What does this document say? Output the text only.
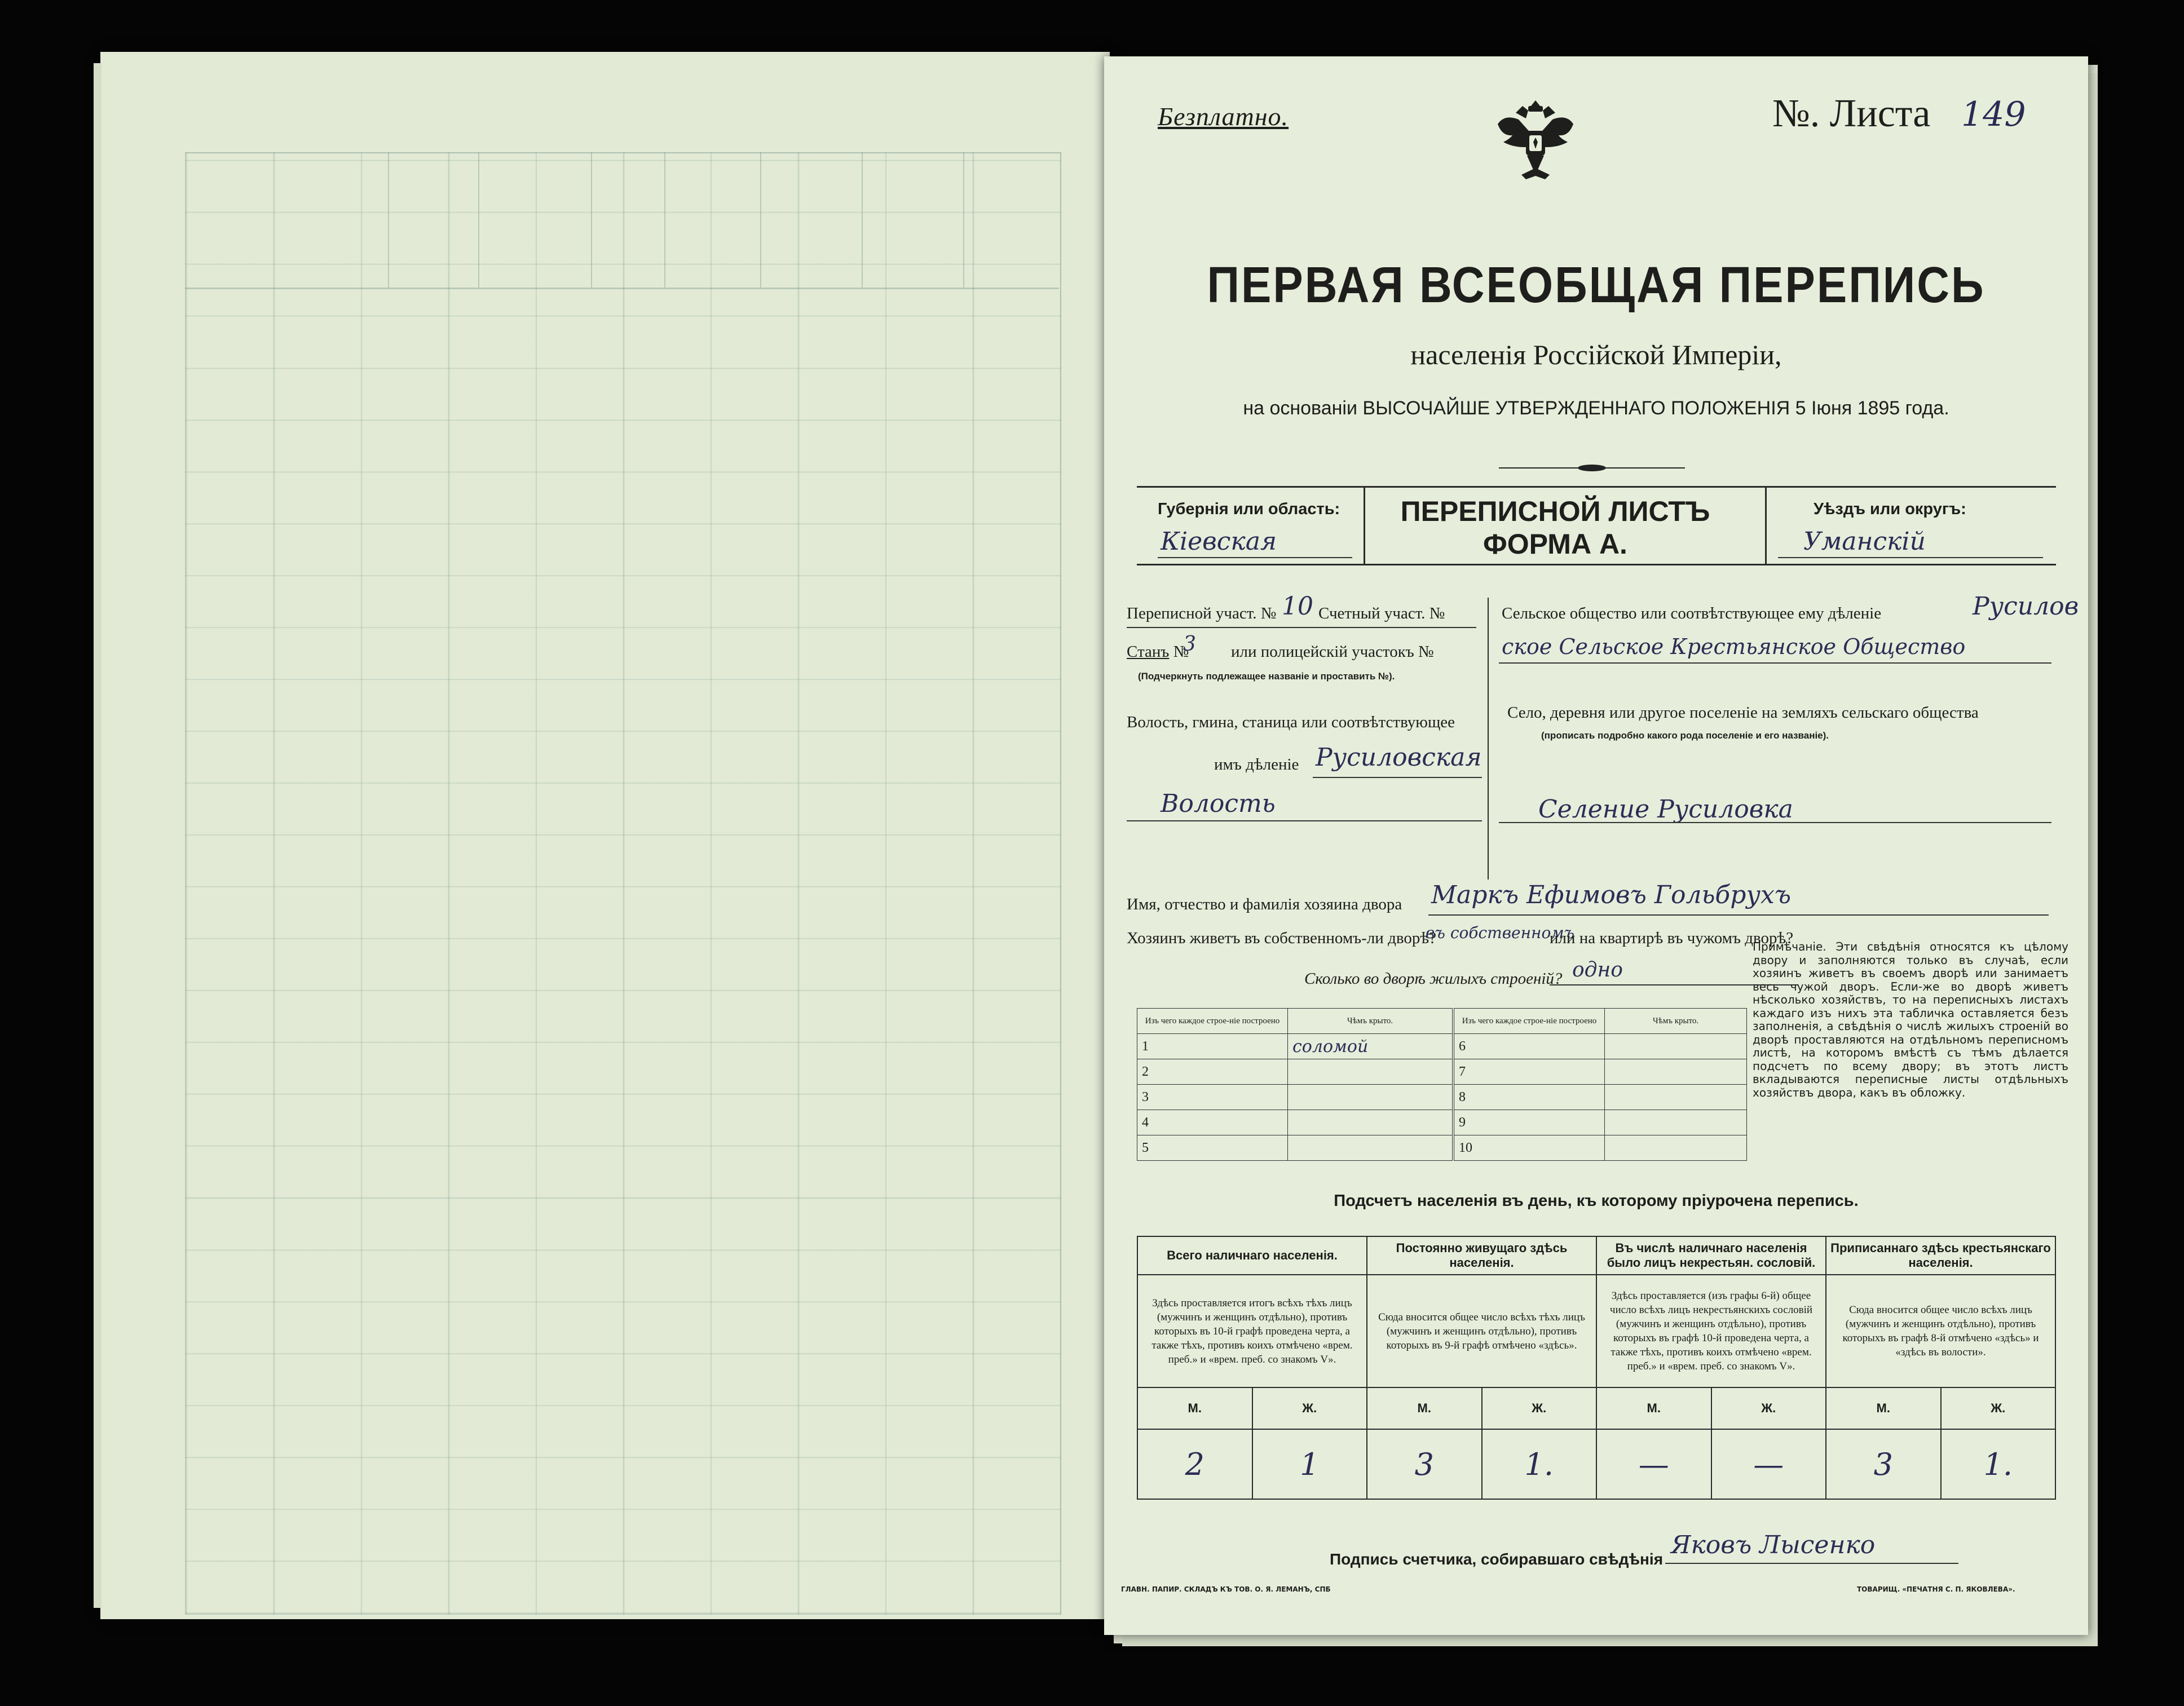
Безплатно.	№. Листа 149
ПЕРВАЯ ВСЕОБЩАЯ ПЕРЕПИСЬ
населенія Россійской Имперіи,
на основаніи ВЫСОЧАЙШЕ УТВЕРЖДЕННАГО ПОЛОЖЕНІЯ 5 Іюня 1895 года.
Губернія или область:
Кіевская
ПЕРЕПИСНОЙ ЛИСТЪ
ФОРМА А.
Уѣздъ или округъ:
Уманскій
Переписной участ. № 10 Счетный участ. №
Станъ №
3 или полицейскій участокъ №
(Подчеркнуть подлежащее названіе и проставить №).
Волость, гмина, станица или соотвѣтствующее
имъ дѣленіе Русиловская
Волость
Сельское общество или соотвѣтствующее ему дѣленіе	Русилов
ское Сельское Крестьянское Общество
Село, деревня или другое поселеніе на земляхъ сельскаго общества
(прописать подробно какого рода поселеніе и его названіе).
Селение Русиловка
Имя, отчество и фамилія хозяина двора Маркъ Ефимовъ Гольбрухъ
Хозяинъ живетъ въ собственномъ-ли дворѣ?
въ собственномъ
или на квартирѣ въ чужомъ дворѣ?
Сколько во дворѣ жилыхъ строеній? одно
Изъ чего каждое строе-ніе построено	Чѣмъ крыто.
1	соломой
2	
3	
4	
5	
Изъ чего каждое строе-ніе построено	Чѣмъ крыто.
6	
7	
8	
9	
10	
Примѣчаніе. Эти свѣдѣнія относятся къ цѣлому двору и заполняются только въ случаѣ, если хозяинъ живетъ въ своемъ дворѣ или занимаетъ весь чужой дворъ. Если-же во дворѣ живетъ нѣсколько хозяйствъ, то на переписныхъ листахъ каждаго изъ нихъ эта табличка оставляется безъ заполненія, а свѣдѣнія о числѣ жилыхъ строеній во дворѣ проставляются на отдѣльномъ переписномъ листѣ, на которомъ вмѣстѣ съ тѣмъ дѣлается подсчетъ по всему двору; въ этотъ листъ вкладываются переписные листы отдѣльныхъ хозяйствъ двора, какъ въ обложку.
Подсчетъ населенія въ день, къ которому пріурочена перепись.
Всего наличнаго населенія.		Постоянно живущаго здѣсь населенія.		Въ числѣ наличнаго населенія было лицъ некрестьян. сословій.		Приписаннаго здѣсь крестьянскаго населенія.	
Здѣсь проставляется итогъ всѣхъ тѣхъ лицъ (мужчинъ и женщинъ отдѣльно), противъ которыхъ въ 10-й графѣ проведена черта, а также тѣхъ, противъ коихъ отмѣчено «врем. преб.» и «врем. преб. со знакомъ V».		Сюда вносится общее число всѣхъ тѣхъ лицъ (мужчинъ и женщинъ отдѣльно), противъ которыхъ въ 9-й графѣ отмѣчено «здѣсь».		Здѣсь проставляется (изъ графы 6-й) общее число всѣхъ лицъ некрестьянскихъ сословій (мужчинъ и женщинъ отдѣльно), противъ которыхъ въ графѣ 10-й проведена черта, а также тѣхъ, противъ коихъ отмѣчено «врем. преб.» и «врем. преб. со знакомъ V».		Сюда вносится общее число всѣхъ лицъ (мужчинъ и женщинъ отдѣльно), противъ которыхъ въ графѣ 8-й отмѣчено «здѣсь» и «здѣсь въ волости».	
М.	Ж.	М.	Ж.	М.	Ж.	М.	Ж.
2	1	3	1.	—	—	3	1.
Подпись счетчика, собиравшаго свѣдѣнія Яковъ Лысенко
ГЛАВН. ПАПИР. СКЛАДЪ КЪ ТОВ. О. Я. ЛЕМАНЪ, СПБ	ТОВАРИЩ. «ПЕЧАТНЯ С. П. ЯКОВЛЕВА».
